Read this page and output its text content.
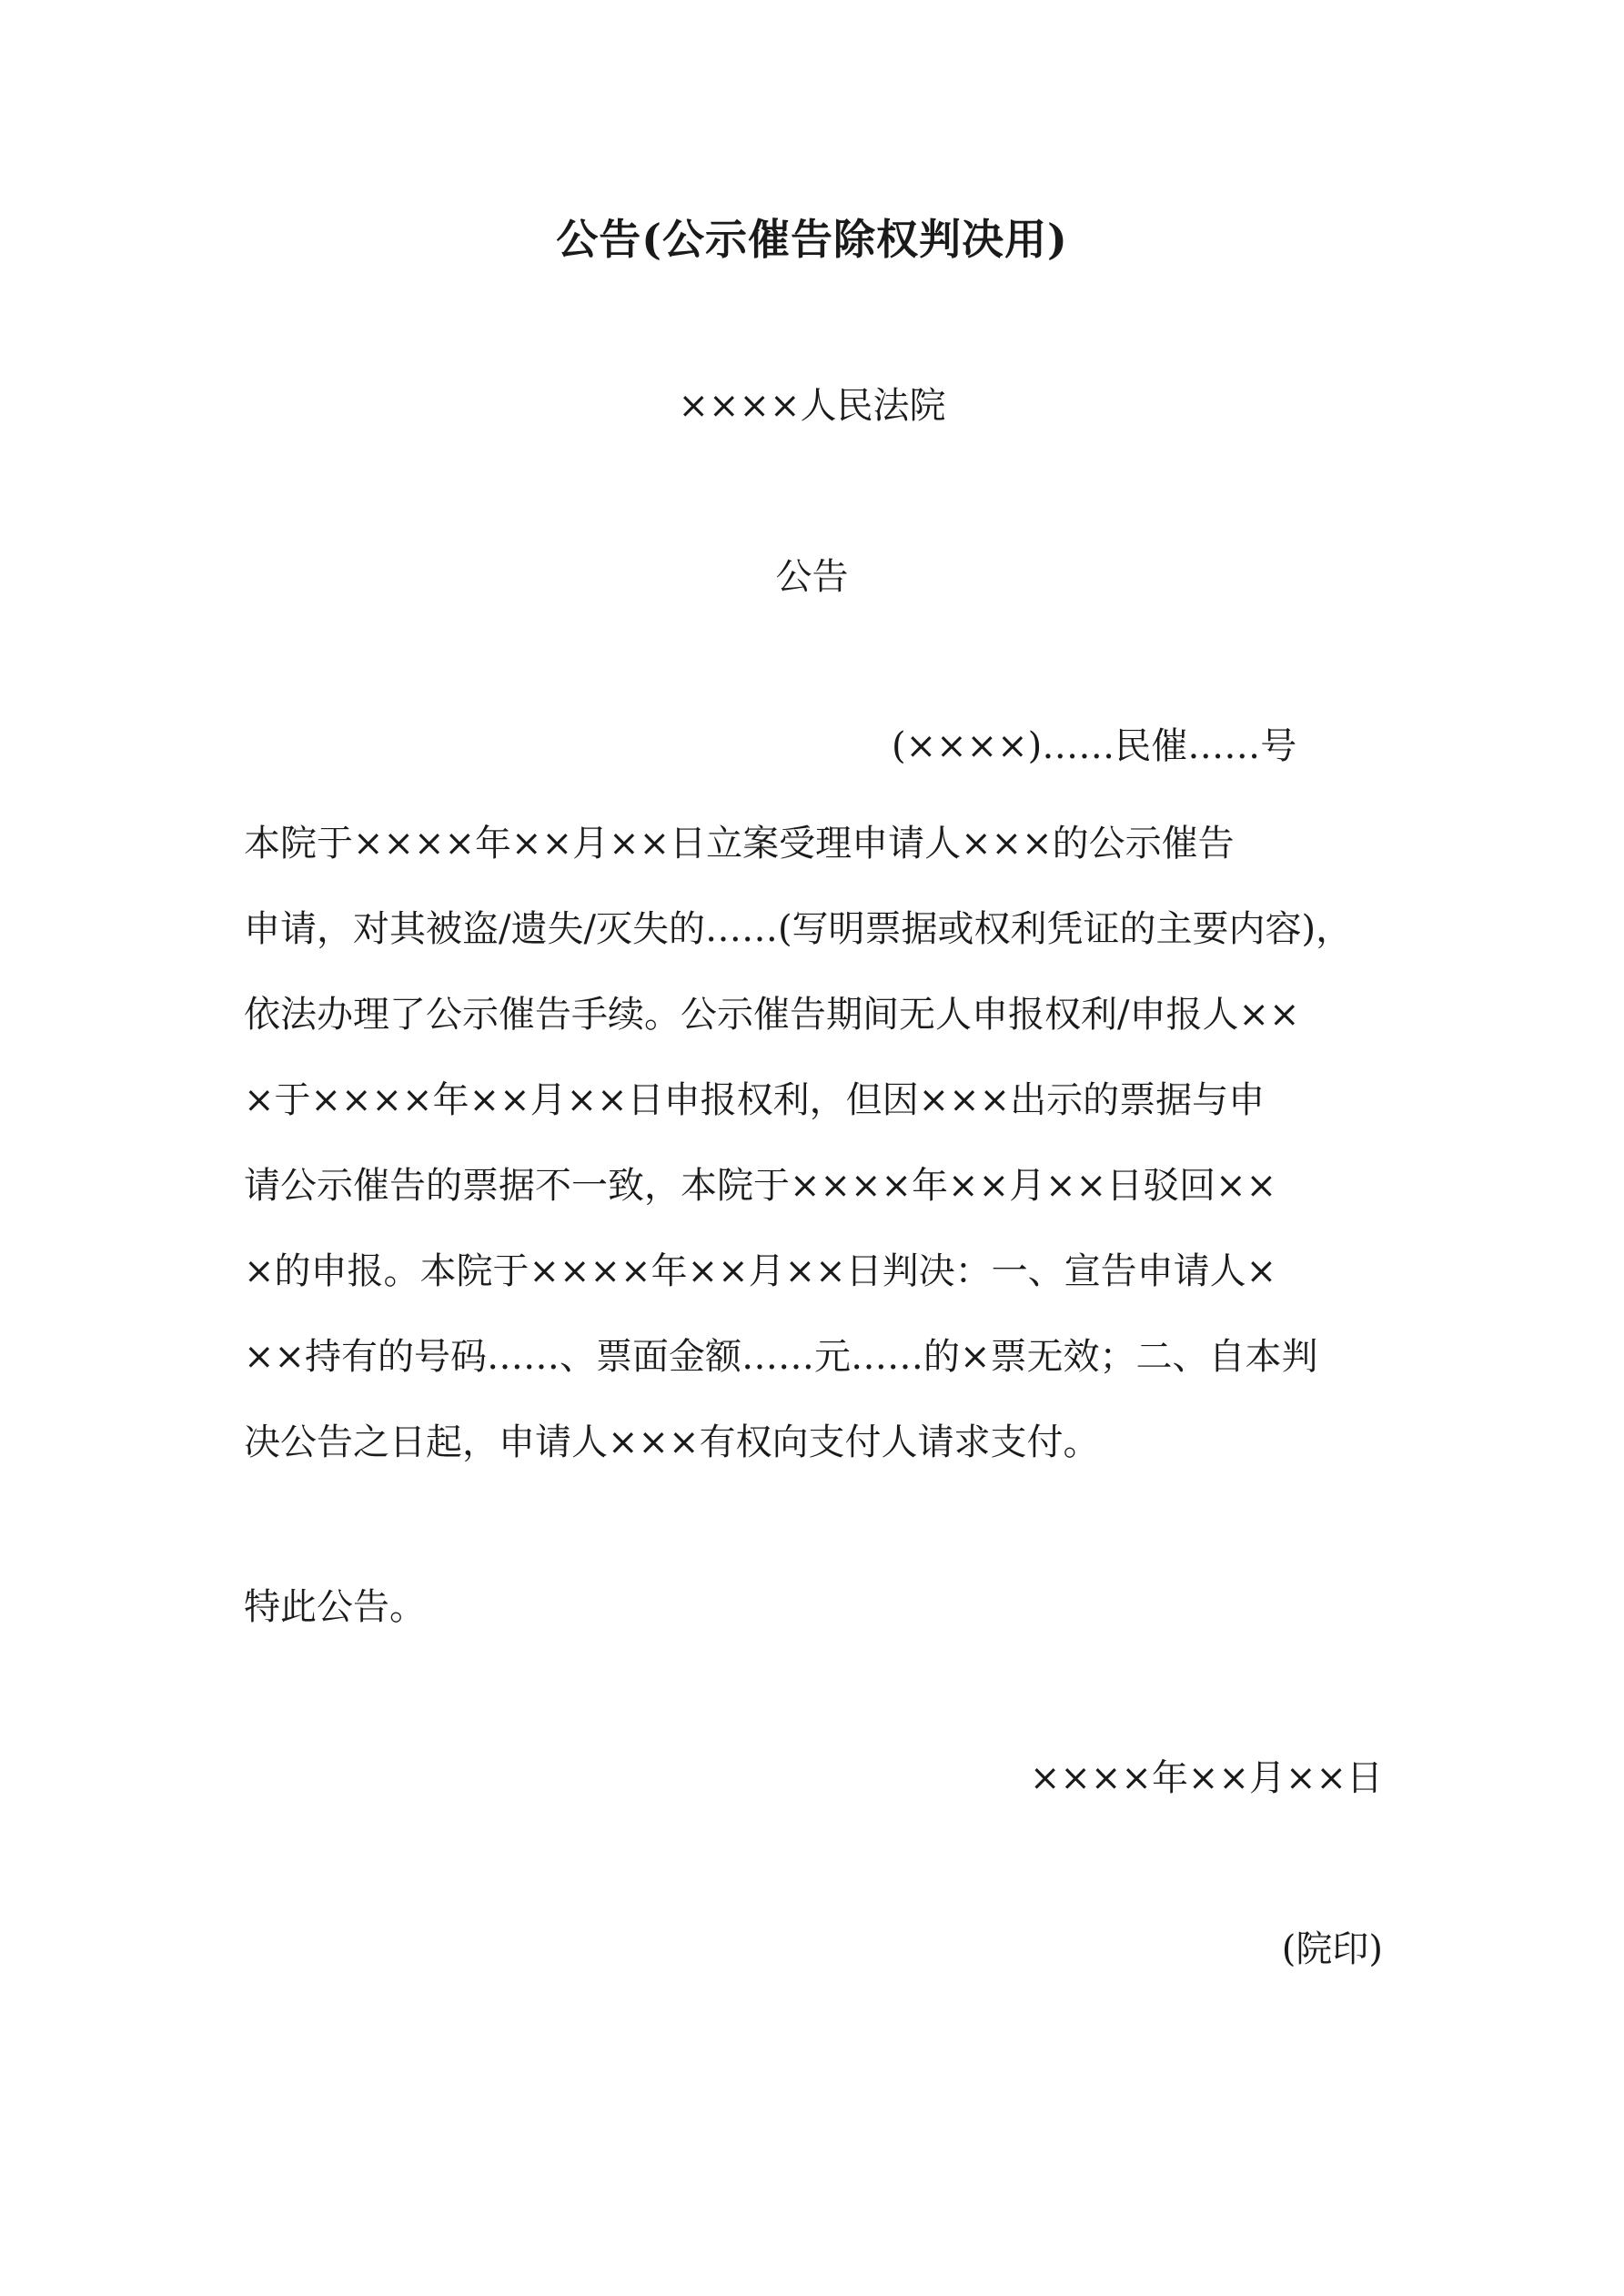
公告(公示催告除权判决用)
××××人民法院
公告
(××××)……民催……号
本院于××××年××月××日立案受理申请人×××的公示催告
申请，对其被盗/遗失/灭失的……(写明票据或权利凭证的主要内容)，
依法办理了公示催告手续。公示催告期间无人申报权利/申报人××
×于××××年××月××日申报权利，但因×××出示的票据与申
请公示催告的票据不一致，本院于××××年××月××日驳回××
×的申报。本院于××××年××月××日判决：一、宣告申请人×
××持有的号码……、票面金额……元……的×票无效；二、自本判
决公告之日起，申请人×××有权向支付人请求支付。
特此公告。
××××年××月××日
(院印)
